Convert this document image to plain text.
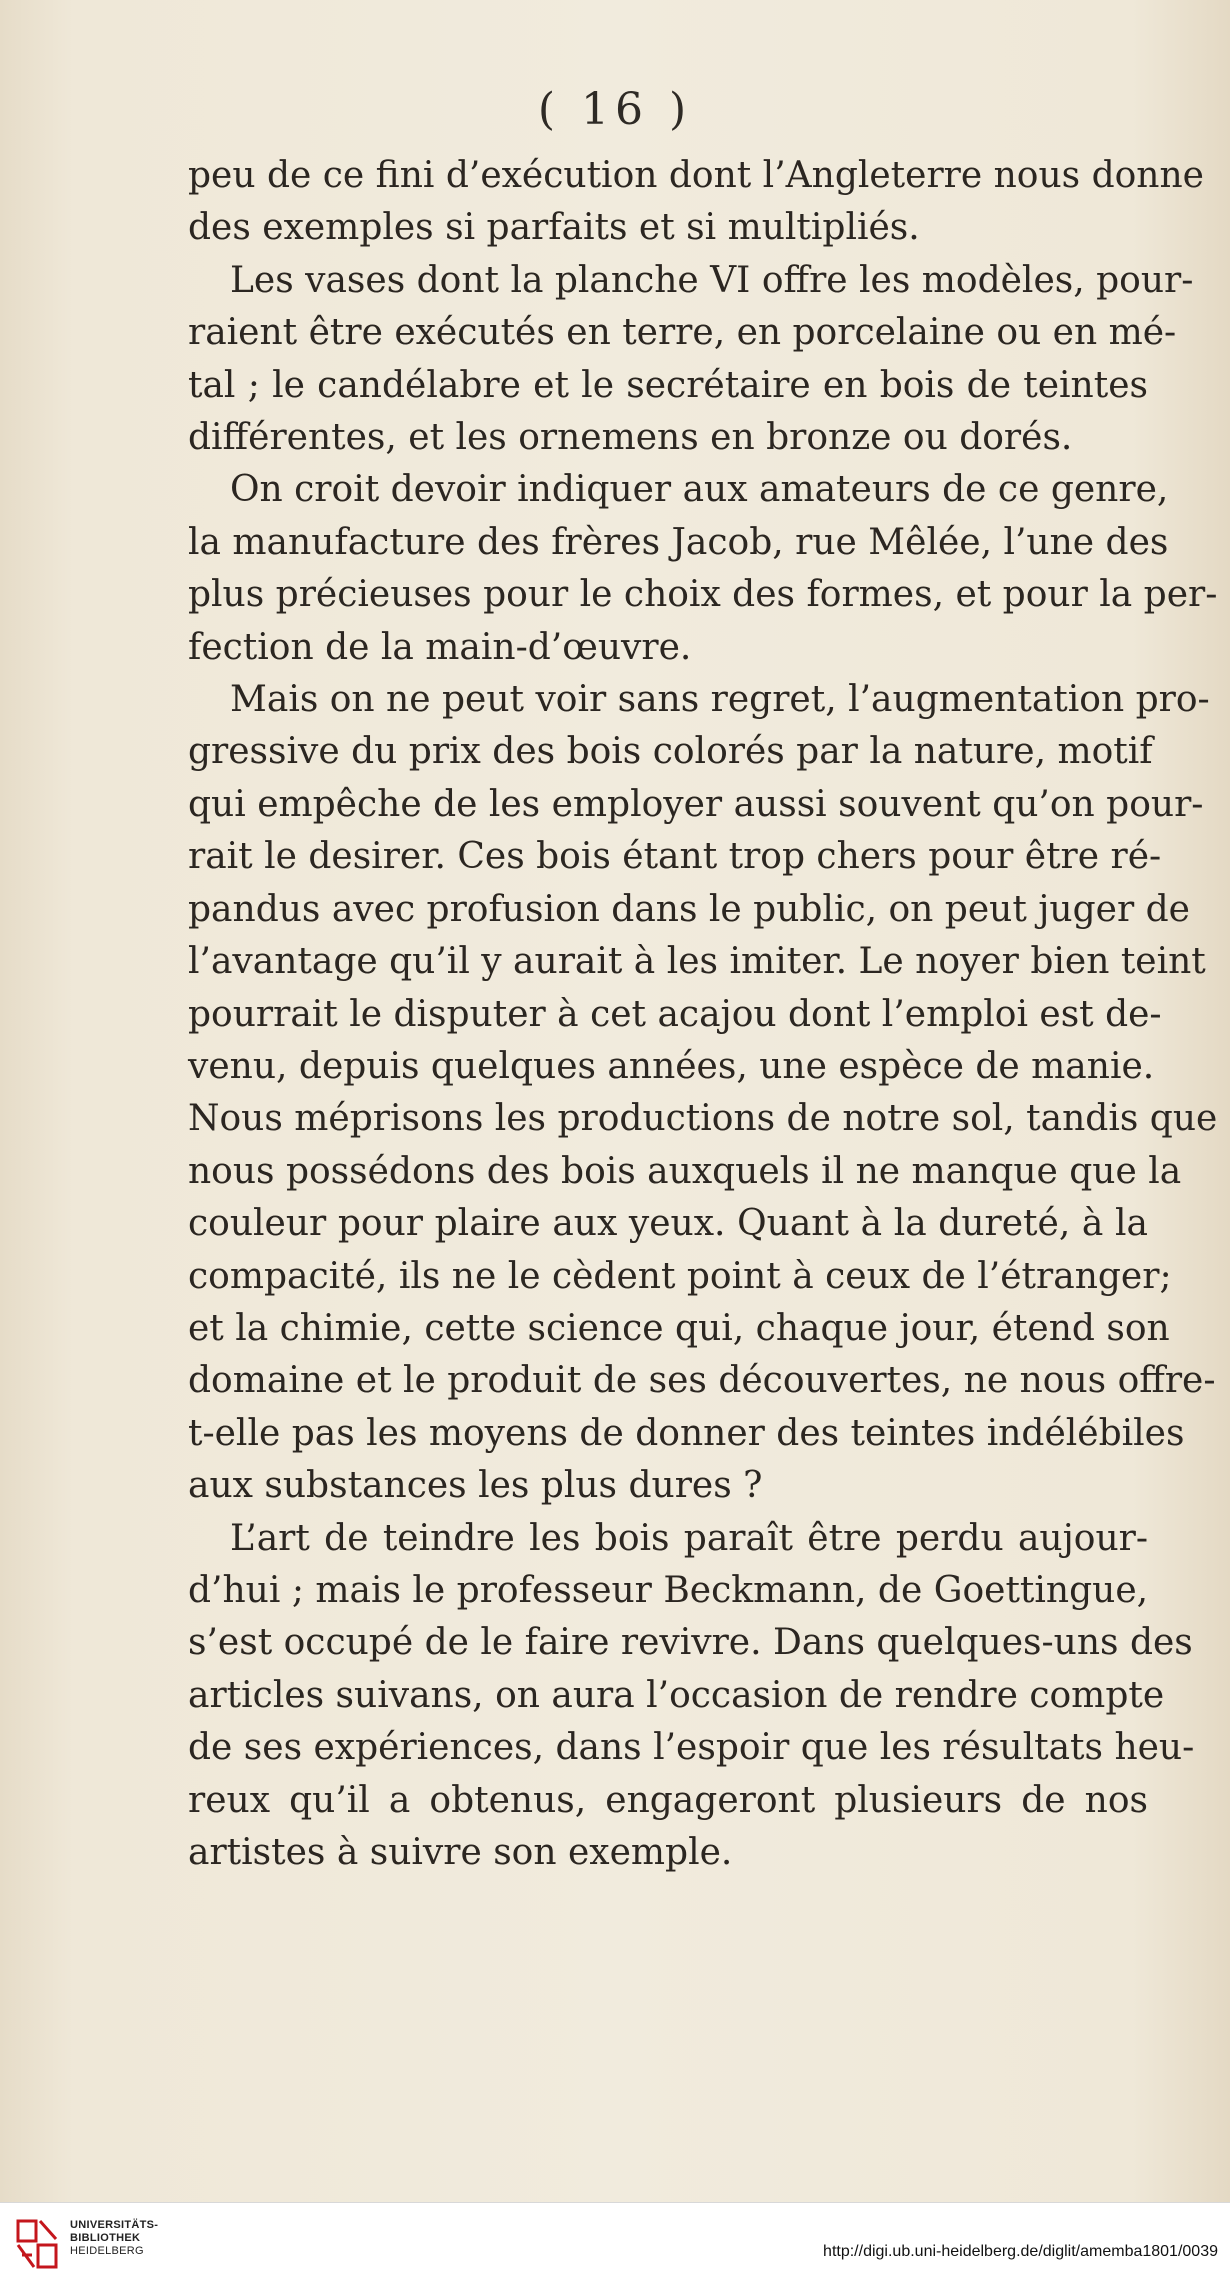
( 16 )
peu de ce fini d’exécution dont l’Angleterre nous donne
des exemples si parfaits et si multipliés.
Les vases dont la planche VI offre les modèles, pour-
raient être exécutés en terre, en porcelaine ou en mé-
tal ; le candélabre et le secrétaire en bois de teintes
différentes, et les ornemens en bronze ou dorés.
On croit devoir indiquer aux amateurs de ce genre,
la manufacture des frères Jacob, rue Mêlée, l’une des
plus précieuses pour le choix des formes, et pour la per-
fection de la main-d’œuvre.
Mais on ne peut voir sans regret, l’augmentation pro-
gressive du prix des bois colorés par la nature, motif
qui empêche de les employer aussi souvent qu’on pour-
rait le desirer. Ces bois étant trop chers pour être ré-
pandus avec profusion dans le public, on peut juger de
l’avantage qu’il y aurait à les imiter. Le noyer bien teint
pourrait le disputer à cet acajou dont l’emploi est de-
venu, depuis quelques années, une espèce de manie.
Nous méprisons les productions de notre sol, tandis que
nous possédons des bois auxquels il ne manque que la
couleur pour plaire aux yeux. Quant à la dureté, à la
compacité, ils ne le cèdent point à ceux de l’étranger;
et la chimie, cette science qui, chaque jour, étend son
domaine et le produit de ses découvertes, ne nous offre-
t-elle pas les moyens de donner des teintes indélébiles
aux substances les plus dures ?
L’art de teindre les bois paraît être perdu aujour-
d’hui ; mais le professeur Beckmann, de Goettingue,
s’est occupé de le faire revivre. Dans quelques-uns des
articles suivans, on aura l’occasion de rendre compte
de ses expériences, dans l’espoir que les résultats heu-
reux qu’il a obtenus, engageront plusieurs de nos
artistes à suivre son exemple.
UNIVERSITÄTS-
BIBLIOTHEK
HEIDELBERG	http://digi.ub.uni-heidelberg.de/diglit/amemba1801/0039
